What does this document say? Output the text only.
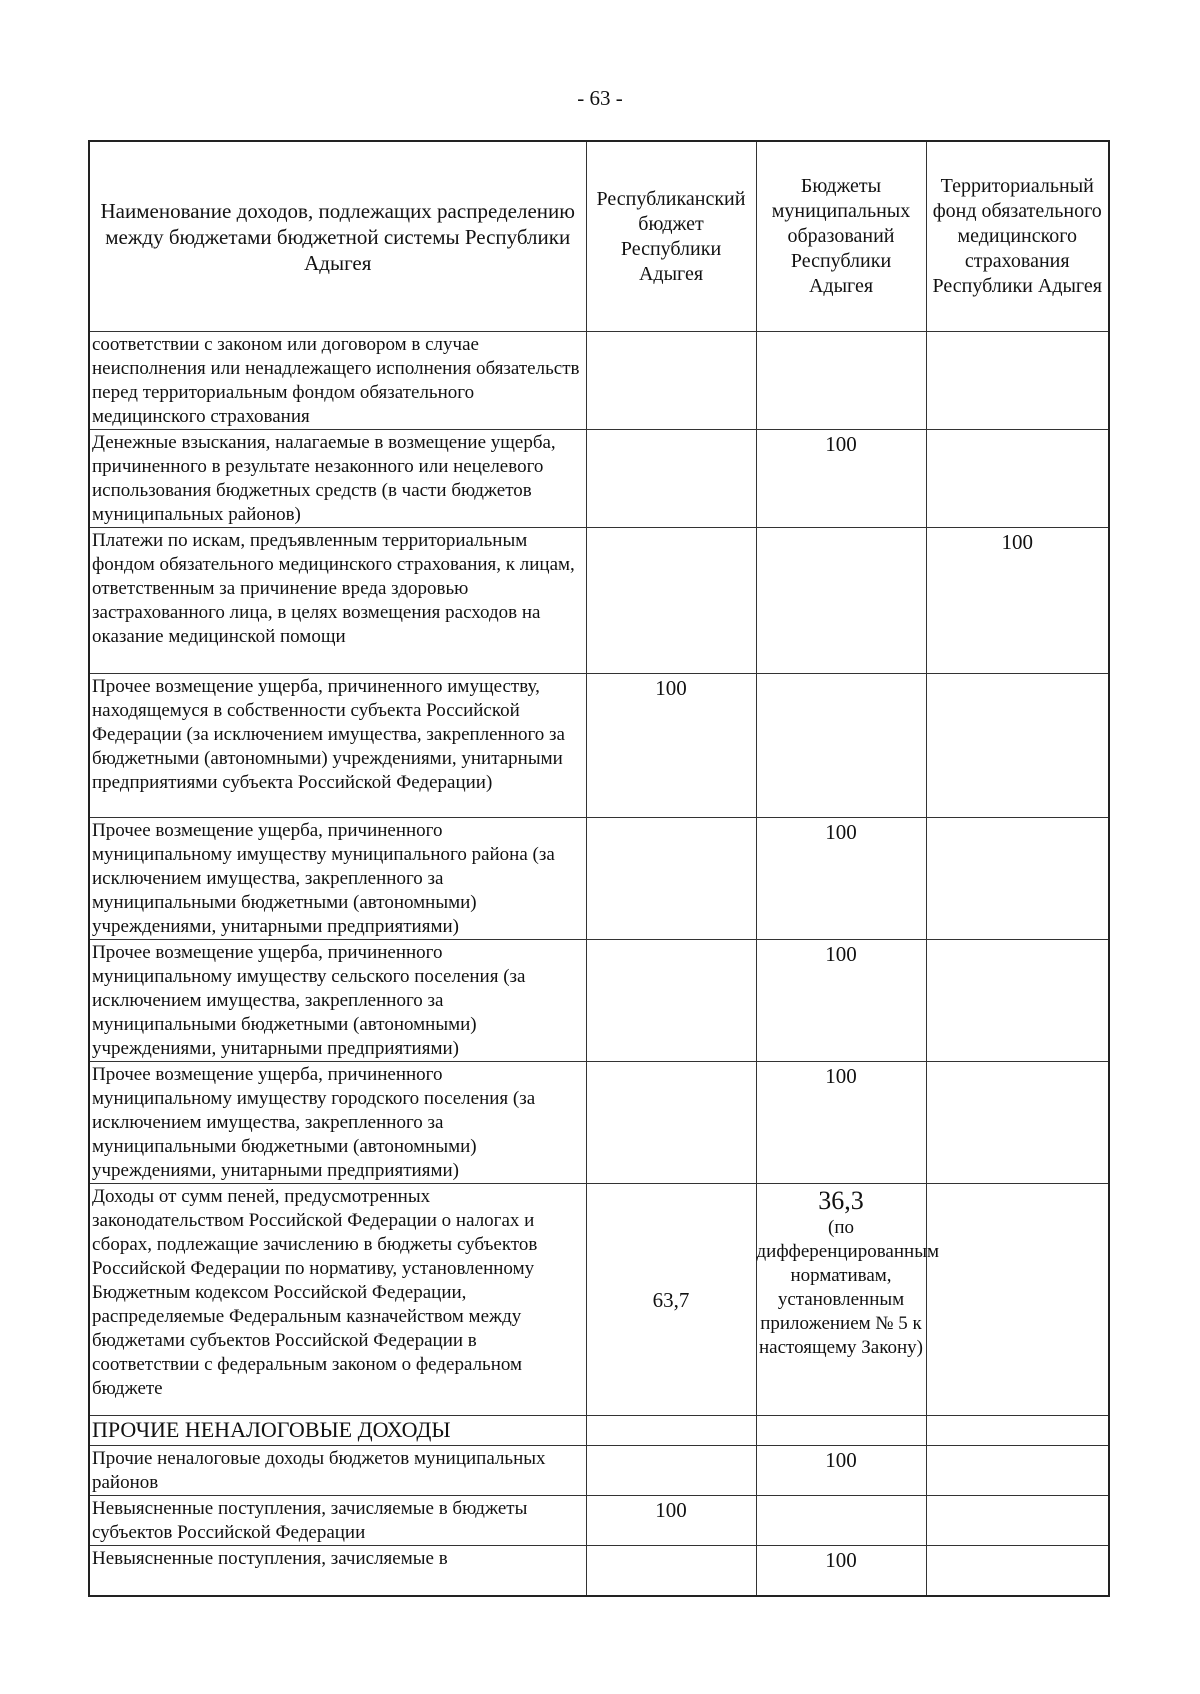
- 63 -
Наименование доходов, подлежащих распределению между бюджетами бюджетной системы Республики Адыгея	Республиканский бюджет Республики Адыгея	Бюджеты муниципальных образований Республики Адыгея	Территориальный фонд обязательного медицинского страхования Республики Адыгея
соответствии с законом или договором в случае неисполнения или ненадлежащего исполнения обязательств перед территориальным фондом обязательного медицинского страхования			
Денежные взыскания, налагаемые в возмещение ущерба, причиненного в результате незаконного или нецелевого использования бюджетных средств (в части бюджетов муниципальных районов)		100	
Платежи по искам, предъявленным территориальным фондом обязательного медицинского страхования, к лицам, ответственным за причинение вреда здоровью застрахованного лица, в целях возмещения расходов на оказание медицинской помощи			100
Прочее возмещение ущерба, причиненного имуществу, находящемуся в собственности субъекта Российской Федерации (за исключением имущества, закрепленного за бюджетными (автономными) учреждениями, унитарными предприятиями субъекта Российской Федерации)	100		
Прочее возмещение ущерба, причиненного муниципальному имуществу муниципального района (за исключением имущества, закрепленного за муниципальными бюджетными (автономными) учреждениями, унитарными предприятиями)		100	
Прочее возмещение ущерба, причиненного муниципальному имуществу сельского поселения (за исключением имущества, закрепленного за муниципальными бюджетными (автономными) учреждениями, унитарными предприятиями)		100	
Прочее возмещение ущерба, причиненного муниципальному имуществу городского поселения (за исключением имущества, закрепленного за муниципальными бюджетными (автономными) учреждениями, унитарными предприятиями)		100	
Доходы от сумм пеней, предусмотренных законодательством Российской Федерации о налогах и сборах, подлежащие зачислению в бюджеты субъектов Российской Федерации по нормативу, установленному Бюджетным кодексом Российской Федерации, распределяемые Федеральным казначейством между бюджетами субъектов Российской Федерации в соответствии с федеральным законом о федеральном бюджете	63,7	36,3
(по дифференцированным нормативам, установленным приложением № 5 к настоящему Закону)	

ПРОЧИЕ НЕНАЛОГОВЫЕ ДОХОДЫ			
Прочие неналоговые доходы бюджетов муниципальных районов		100	
Невыясненные поступления, зачисляемые в бюджеты субъектов Российской Федерации	100		
Невыясненные поступления, зачисляемые в		100	
